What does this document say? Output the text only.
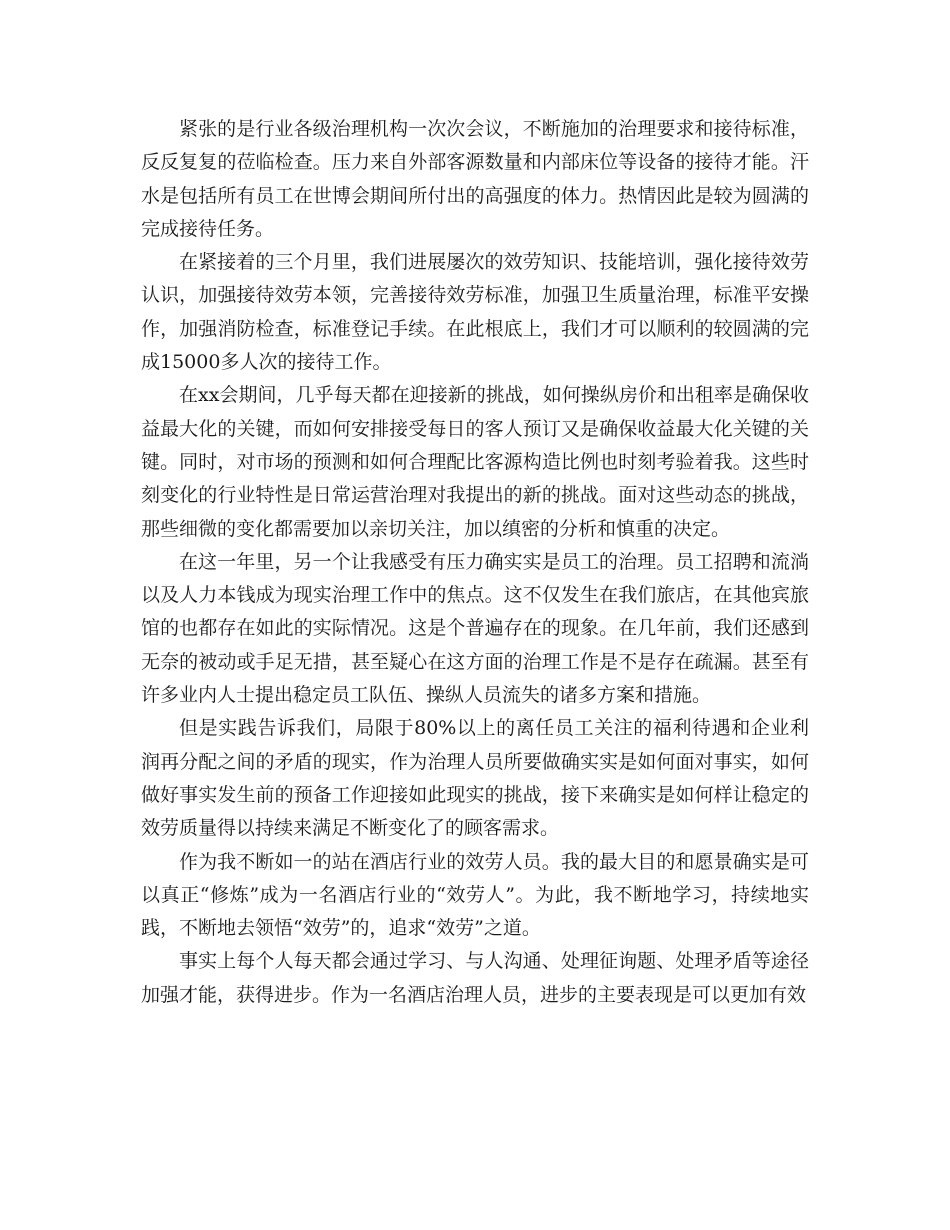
紧张的是行业各级治理机构一次次会议，不断施加的治理要求和接待标准，反反复复的莅临检查。压力来自外部客源数量和内部床位等设备的接待才能。汗水是包括所有员工在世博会期间所付出的高强度的体力。热情因此是较为圆满的完成接待任务。

在紧接着的三个月里，我们进展屡次的效劳知识、技能培训，强化接待效劳认识，加强接待效劳本领，完善接待效劳标准，加强卫生质量治理，标准平安操作，加强消防检查，标准登记手续。在此根底上，我们才可以顺利的较圆满的完成15000多人次的接待工作。

在xx会期间，几乎每天都在迎接新的挑战，如何操纵房价和出租率是确保收益最大化的关键，而如何安排接受每日的客人预订又是确保收益最大化关键的关键。同时，对市场的预测和如何合理配比客源构造比例也时刻考验着我。这些时刻变化的行业特性是日常运营治理对我提出的新的挑战。面对这些动态的挑战，那些细微的变化都需要加以亲切关注，加以缜密的分析和慎重的决定。

在这一年里，另一个让我感受有压力确实实是员工的治理。员工招聘和流淌以及人力本钱成为现实治理工作中的焦点。这不仅发生在我们旅店，在其他宾旅馆的也都存在如此的实际情况。这是个普遍存在的现象。在几年前，我们还感到无奈的被动或手足无措，甚至疑心在这方面的治理工作是不是存在疏漏。甚至有许多业内人士提出稳定员工队伍、操纵人员流失的诸多方案和措施。

但是实践告诉我们，局限于80%以上的离任员工关注的福利待遇和企业利润再分配之间的矛盾的现实，作为治理人员所要做确实实是如何面对事实，如何做好事实发生前的预备工作迎接如此现实的挑战，接下来确实是如何样让稳定的效劳质量得以持续来满足不断变化了的顾客需求。

作为我不断如一的站在酒店行业的效劳人员。我的最大目的和愿景确实是可以真正“修炼”成为一名酒店行业的“效劳人”。为此，我不断地学习，持续地实践，不断地去领悟“效劳”的，追求“效劳”之道。

事实上每个人每天都会通过学习、与人沟通、处理征询题、处理矛盾等途径加强才能，获得进步。作为一名酒店治理人员，进步的主要表现是可以更加有效
